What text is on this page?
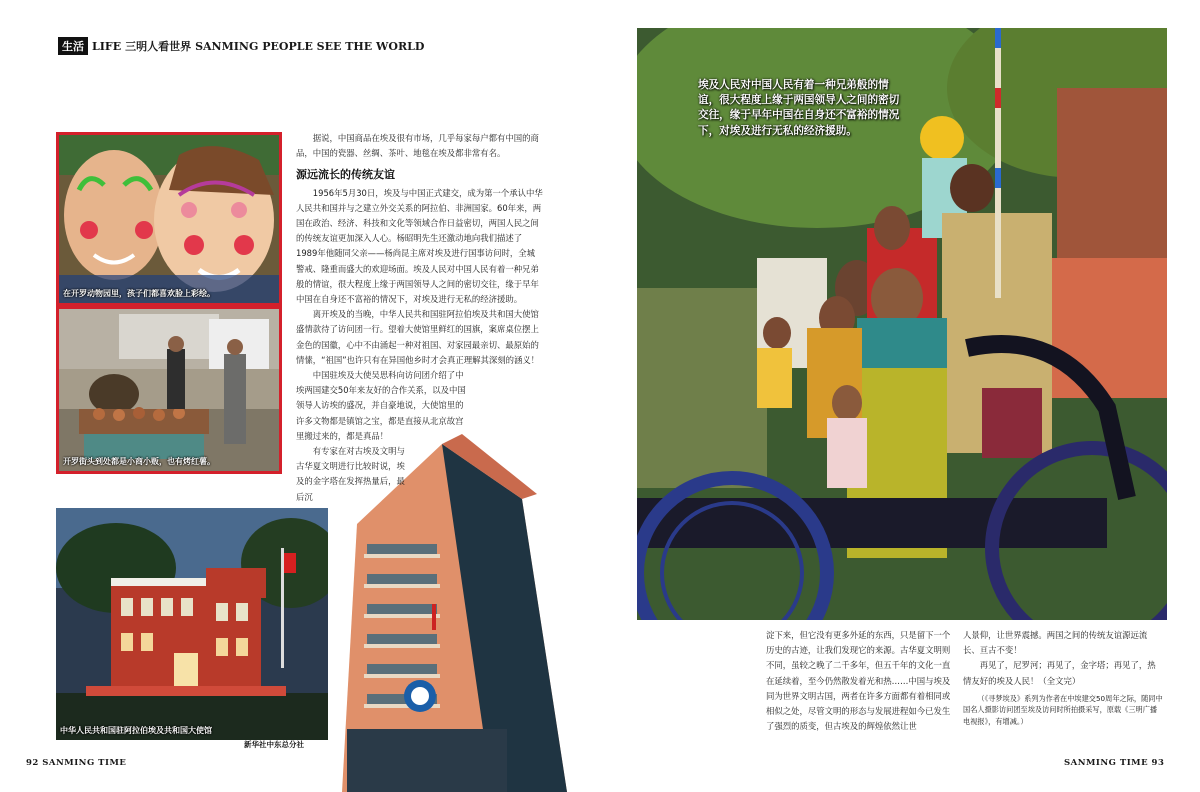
生活 LIFE 三明人看世界 SANMING PEOPLE SEE THE WORLD
在开罗动物园里，孩子们都喜欢脸上彩绘。
开罗街头到处都是小商小贩，也有烤红薯。
中华人民共和国驻阿拉伯埃及共和国大使馆
新华社中东总分社

据说，中国商品在埃及很有市场，几乎每家每户都有中国的商品，中国的瓷器、丝绸、茶叶、地毯在埃及都非常有名。

源远流长的传统友谊

1956年5月30日，埃及与中国正式建交，成为第一个承认中华人民共和国并与之建立外交关系的阿拉伯、非洲国家。60年来，两国在政治、经济、科技和文化等领域合作日益密切，两国人民之间的传统友谊更加深入人心。杨昭明先生还激动地向我们描述了1989年他随同父亲——杨尚昆主席对埃及进行国事访问时，全城警戒、隆重而盛大的欢迎场面。埃及人民对中国人民有着一种兄弟般的情谊，很大程度上缘于两国领导人之间的密切交往，缘于早年中国在自身还不富裕的情况下，对埃及进行无私的经济援助。

离开埃及的当晚，中华人民共和国驻阿拉伯埃及共和国大使馆盛情款待了访问团一行。望着大使馆里鲜红的国旗，案席桌位摆上金色的国徽，心中不由涌起一种对祖国、对家园最亲切、最原始的情愫，“祖国”也许只有在异国他乡时才会真正理解其深刻的涵义！

中国驻埃及大使吴思科向访问团介绍了中埃两国建交50年来友好的合作关系，以及中国领导人访埃的盛况，并自豪地说，大使馆里的许多文物都是镇馆之宝，都是直接从北京故宫里搬过来的，都是真品！

有专家在对古埃及文明与古华夏文明进行比较时说，埃及的金字塔在发挥热量后，最后沉

埃及人民对中国人民有着一种兄弟般的情谊，很大程度上缘于两国领导人之间的密切交往，缘于早年中国在自身还不富裕的情况下，对埃及进行无私的经济援助。

淀下来，但它没有更多外延的东西，只是留下一个历史的古迹，让我们发现它的来源。古华夏文明则不同，虽较之晚了二千多年，但五千年的文化一直在延续着，至今仍然散发着光和热……中国与埃及同为世界文明古国，两者在许多方面都有着相同或相似之处，尽管文明的形态与发展进程如今已发生了强烈的质变，但古埃及的辉煌依然让世

人景仰，让世界震撼。两国之间的传统友谊源远流长、亘古不变！

再见了，尼罗河；再见了，金字塔；再见了，热情友好的埃及人民！（全文完）

（《寻梦埃及》系列为作者在中埃建交50周年之际，随同中国名人摄影访问团至埃及访问时所拍摄采写，原载《三明广播电视报》，有增减。）

92 SANMING TIME	SANMING TIME 93
